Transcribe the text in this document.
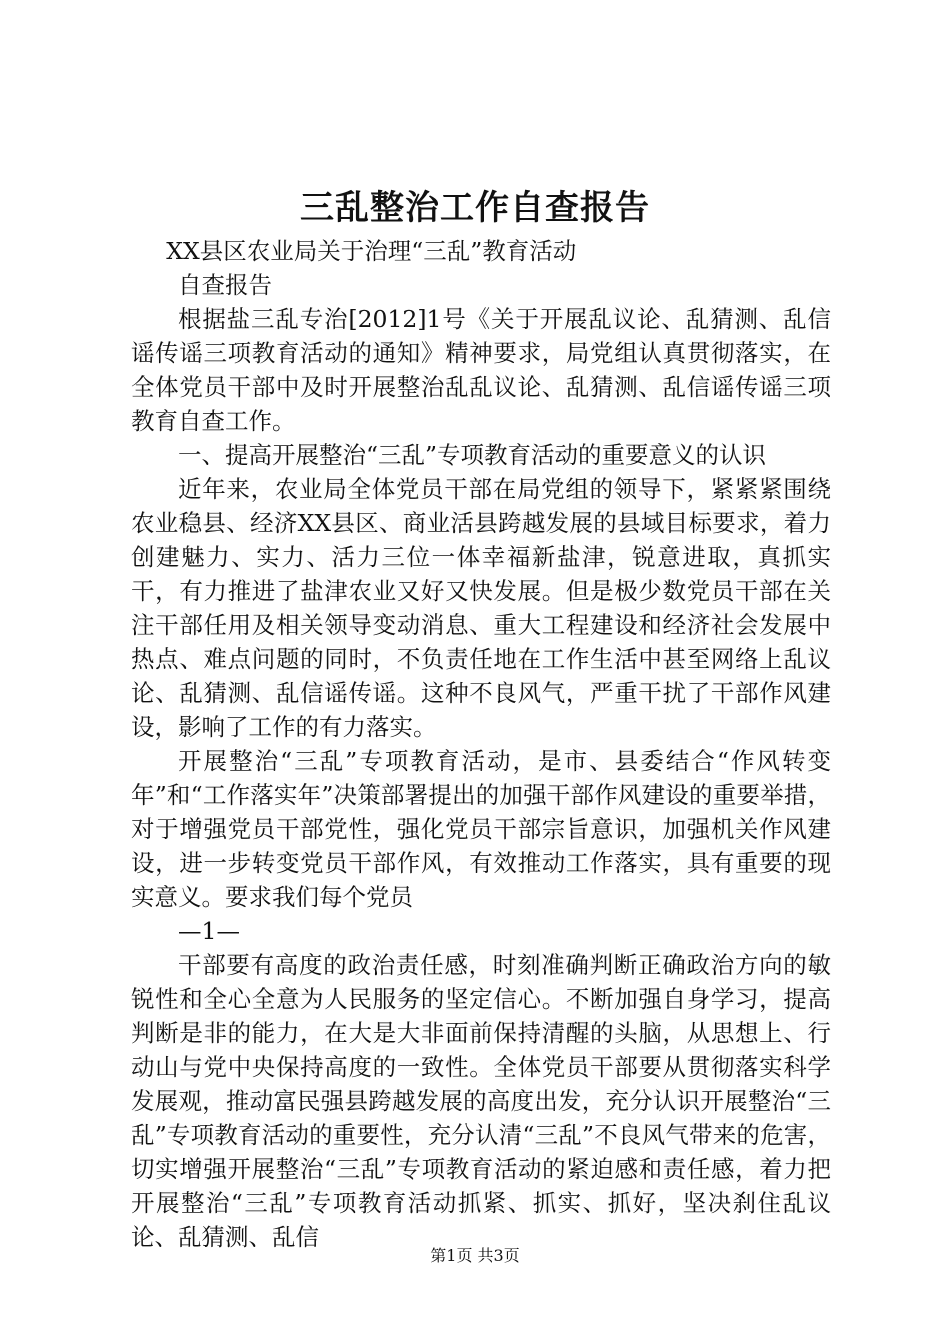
三乱整治工作自查报告

XX县区农业局关于治理“三乱”教育活动

自查报告

根据盐三乱专治[2012]1号《关于开展乱议论、乱猜测、乱信谣传谣三项教育活动的通知》精神要求，局党组认真贯彻落实，在全体党员干部中及时开展整治乱乱议论、乱猜测、乱信谣传谣三项教育自查工作。

一、提高开展整治“三乱”专项教育活动的重要意义的认识

近年来，农业局全体党员干部在局党组的领导下，紧紧紧围绕农业稳县、经济XX县区、商业活县跨越发展的县域目标要求，着力创建魅力、实力、活力三位一体幸福新盐津，锐意进取，真抓实干，有力推进了盐津农业又好又快发展。但是极少数党员干部在关注干部任用及相关领导变动消息、重大工程建设和经济社会发展中热点、难点问题的同时，不负责任地在工作生活中甚至网络上乱议论、乱猜测、乱信谣传谣。这种不良风气，严重干扰了干部作风建设，影响了工作的有力落实。

开展整治“三乱”专项教育活动，是市、县委结合“作风转变年”和“工作落实年”决策部署提出的加强干部作风建设的重要举措，对于增强党员干部党性，强化党员干部宗旨意识，加强机关作风建设，进一步转变党员干部作风，有效推动工作落实，具有重要的现实意义。要求我们每个党员

—1—

干部要有高度的政治责任感，时刻准确判断正确政治方向的敏锐性和全心全意为人民服务的坚定信心。不断加强自身学习，提高判断是非的能力，在大是大非面前保持清醒的头脑，从思想上、行动山与党中央保持高度的一致性。全体党员干部要从贯彻落实科学发展观，推动富民强县跨越发展的高度出发，充分认识开展整治“三乱”专项教育活动的重要性，充分认清“三乱”不良风气带来的危害，切实增强开展整治“三乱”专项教育活动的紧迫感和责任感，着力把开展整治“三乱”专项教育活动抓紧、抓实、抓好，坚决刹住乱议论、乱猜测、乱信

第1页 共3页
